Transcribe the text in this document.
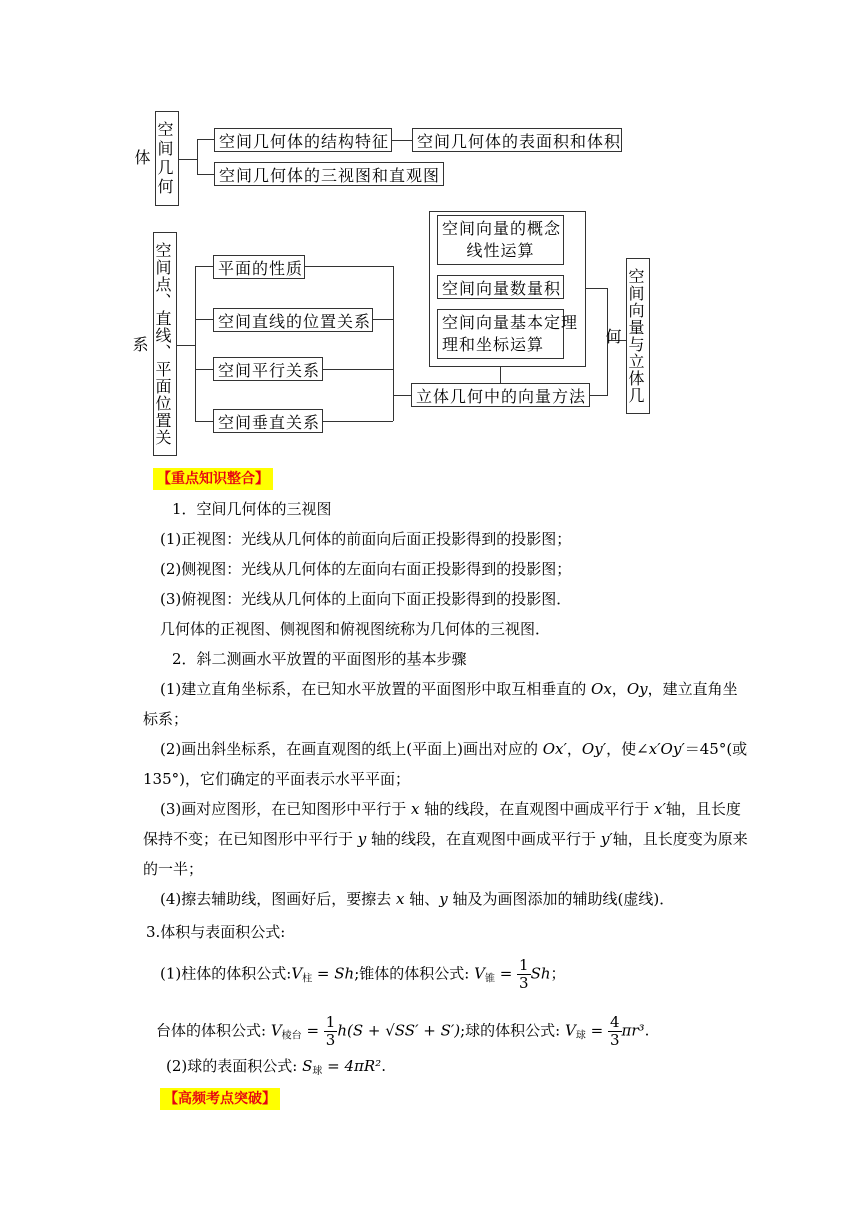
空间几何体
空间几何体的结构特征	空间几何体的表面积和体积
空间几何体的三视图和直观图
空间点、直线、平面位置关系
平面的性质
空间直线的位置关系
空间平行关系
空间垂直关系
空间向量的概念
线性运算
空间向量数量积
空间向量基本定理
理和坐标运算
立体几何中的向量方法 空间向量与立体几何
【重点知识整合】
1．空间几何体的三视图
(1)正视图：光线从几何体的前面向后面正投影得到的投影图；
(2)侧视图：光线从几何体的左面向右面正投影得到的投影图；
(3)俯视图：光线从几何体的上面向下面正投影得到的投影图．
几何体的正视图、侧视图和俯视图统称为几何体的三视图．
2．斜二测画水平放置的平面图形的基本步骤
(1)建立直角坐标系，在已知水平放置的平面图形中取互相垂直的 Ox，Oy，建立直角坐
标系；
(2)画出斜坐标系，在画直观图的纸上(平面上)画出对应的 Ox′，Oy′，使∠x′Oy′＝45°(或
135°)，它们确定的平面表示水平平面；
(3)画对应图形，在已知图形中平行于 x 轴的线段，在直观图中画成平行于 x′轴，且长度
保持不变；在已知图形中平行于 y 轴的线段，在直观图中画成平行于 y′轴，且长度变为原来
的一半；
(4)擦去辅助线，图画好后，要擦去 x 轴、y 轴及为画图添加的辅助线(虚线)．
3.体积与表面积公式:
(1)柱体的体积公式$:V_柱 = Sh$;锥体的体积公式: $V_锥 = \frac{1}{3}$ Sh；
台体的体积公式: $V_{棱台} = \frac{1}{3} h(S + √SS' + S')$;球的体积公式: $V_球 = \frac{4}{3} \pi r^3$.
(2)球的表面积公式: $S_球 = 4\pi R^2$.
【高频考点突破】
